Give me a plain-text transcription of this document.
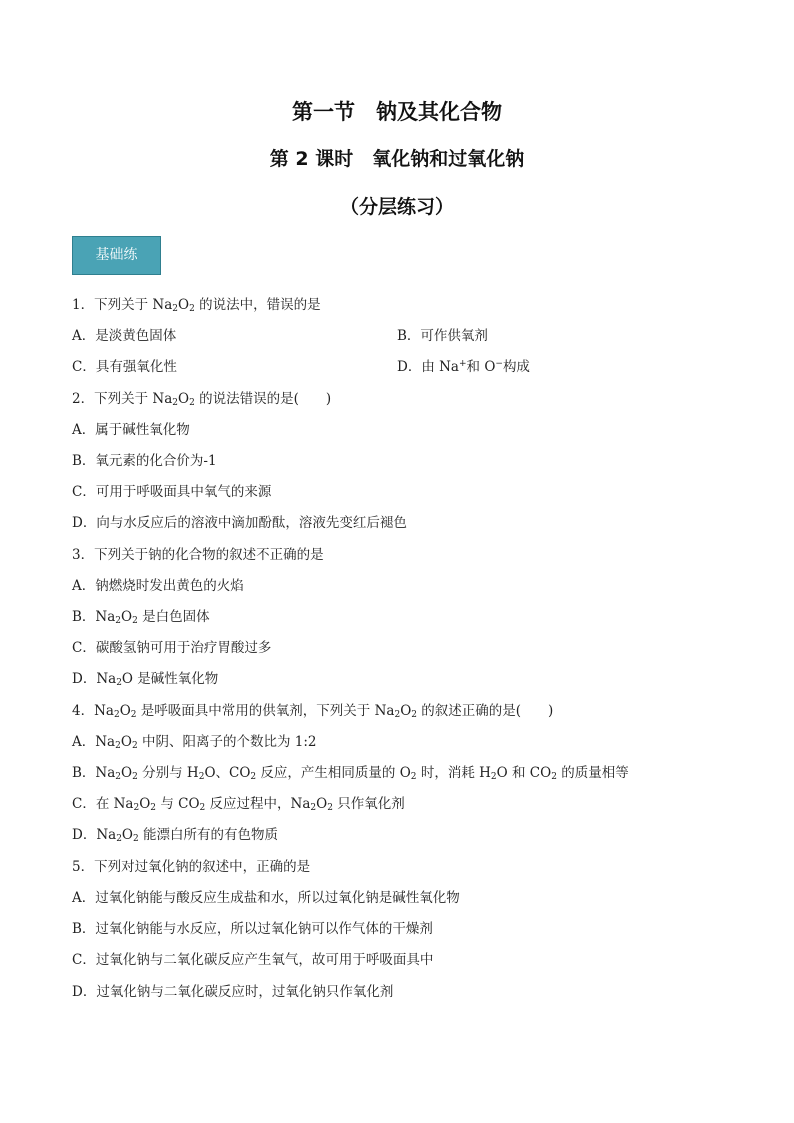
第一节　钠及其化合物
第 2 课时　氧化钠和过氧化钠
（分层练习）
基础练
1．下列关于 $Na_2O_2$ 的说法中，错误的是
A．是淡黄色固体	B．可作供氧剂
C．具有强氧化性	D．由 Na+和 O−构成
2．下列关于 $Na_2O_2$ 的说法错误的是(　　)
A．属于碱性氧化物
B．氧元素的化合价为-1
C．可用于呼吸面具中氧气的来源
D．向与水反应后的溶液中滴加酚酞，溶液先变红后褪色
3．下列关于钠的化合物的叙述不正确的是
A．钠燃烧时发出黄色的火焰
B．$Na_2O_2$ 是白色固体
C．碳酸氢钠可用于治疗胃酸过多
D．$Na_2O$ 是碱性氧化物
4．$Na_2O_2$ 是呼吸面具中常用的供氧剂，下列关于 $Na_2O_2$ 的叙述正确的是(　　)
A．$Na_2O_2$ 中阴、阳离子的个数比为 1:2
B．$Na_2O_2$ 分别与 $H_2O$、$CO_2$ 反应，产生相同质量的 $O_2$ 时，消耗 $H_2O$ 和 $CO_2$ 的质量相等
C．在 $Na_2O_2$ 与 $CO_2$ 反应过程中，$Na_2O_2$ 只作氧化剂
D．$Na_2O_2$ 能漂白所有的有色物质
5．下列对过氧化钠的叙述中，正确的是
A．过氧化钠能与酸反应生成盐和水，所以过氧化钠是碱性氧化物
B．过氧化钠能与水反应，所以过氧化钠可以作气体的干燥剂
C．过氧化钠与二氧化碳反应产生氧气，故可用于呼吸面具中
D．过氧化钠与二氧化碳反应时，过氧化钠只作氧化剂
